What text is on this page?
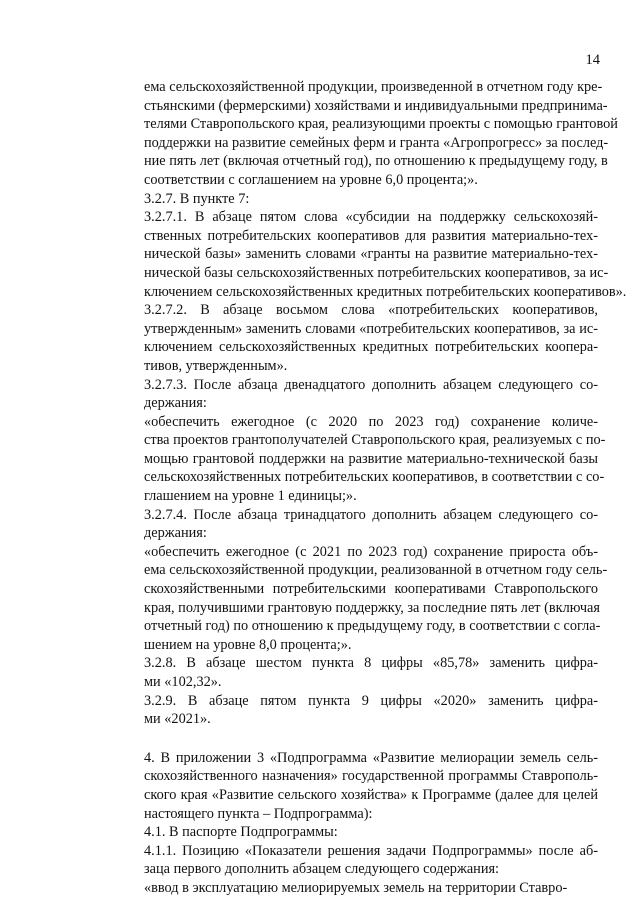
14

ема сельскохозяйственной продукции, произведенной в отчетном году кре-
стьянскими (фермерскими) хозяйствами и индивидуальными предпринима-
телями Ставропольского края, реализующими проекты с помощью грантовой
поддержки на развитие семейных ферм и гранта «Агропрогресс» за послед-
ние пять лет (включая отчетный год), по отношению к предыдущему году, в
соответствии с соглашением на уровне 6,0 процента;».

3.2.7. В пункте 7:

3.2.7.1. В абзаце пятом слова «субсидии на поддержку сельскохозяй-
ственных потребительских кооперативов для развития материально-тех-
нической базы» заменить словами «гранты на развитие материально-тех-
нической базы сельскохозяйственных потребительских кооперативов, за ис-
ключением сельскохозяйственных кредитных потребительских кооперативов».

3.2.7.2. В абзаце восьмом слова «потребительских кооперативов,
утвержденным» заменить словами «потребительских кооперативов, за ис-
ключением сельскохозяйственных кредитных потребительских коопера-
тивов, утвержденным».

3.2.7.3. После абзаца двенадцатого дополнить абзацем следующего со-
держания:

«обеспечить ежегодное (с 2020 по 2023 год) сохранение количе-
ства проектов грантополучателей Ставропольского края, реализуемых с по-
мощью грантовой поддержки на развитие материально-технической базы
сельскохозяйственных потребительских кооперативов, в соответствии с со-
глашением на уровне 1 единицы;».

3.2.7.4. После абзаца тринадцатого дополнить абзацем следующего со-
держания:

«обеспечить ежегодное (с 2021 по 2023 год) сохранение прироста объ-
ема сельскохозяйственной продукции, реализованной в отчетном году сель-
скохозяйственными потребительскими кооперативами Ставропольского
края, получившими грантовую поддержку, за последние пять лет (включая
отчетный год) по отношению к предыдущему году, в соответствии с согла-
шением на уровне 8,0 процента;».

3.2.8. В абзаце шестом пункта 8 цифры «85,78» заменить цифра-
ми «102,32».

3.2.9. В абзаце пятом пункта 9 цифры «2020» заменить цифра-
ми «2021».

4. В приложении 3 «Подпрограмма «Развитие мелиорации земель сель-
скохозяйственного назначения» государственной программы Ставрополь-
ского края «Развитие сельского хозяйства» к Программе (далее для целей
настоящего пункта – Подпрограмма):

4.1. В паспорте Подпрограммы:

4.1.1. Позицию «Показатели решения задачи Подпрограммы» после аб-
заца первого дополнить абзацем следующего содержания:

«ввод в эксплуатацию мелиорируемых земель на территории Ставро-
